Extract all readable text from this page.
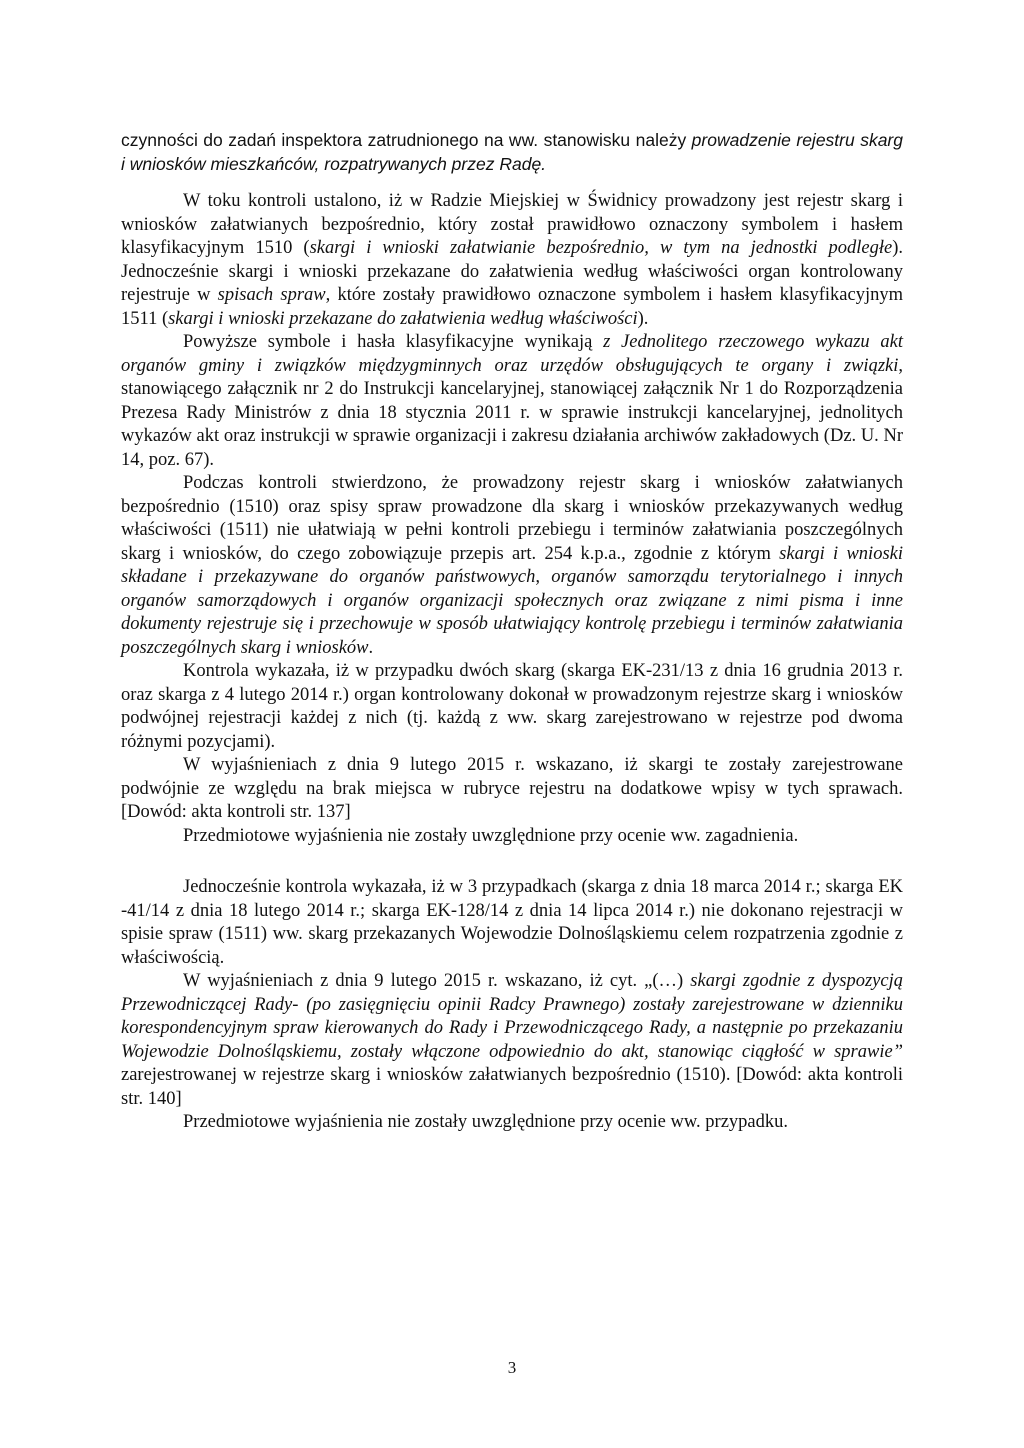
czynności do zadań inspektora zatrudnionego na ww. stanowisku należy prowadzenie rejestru skarg i wniosków mieszkańców, rozpatrywanych przez Radę.

W toku kontroli ustalono, iż w Radzie Miejskiej w Świdnicy prowadzony jest rejestr skarg i wniosków załatwianych bezpośrednio, który został prawidłowo oznaczony symbolem i hasłem klasyfikacyjnym 1510 (skargi i wnioski załatwianie bezpośrednio, w tym na jednostki podległe). Jednocześnie skargi i wnioski przekazane do załatwienia według właściwości organ kontrolowany rejestruje w spisach spraw, które zostały prawidłowo oznaczone symbolem i hasłem klasyfikacyjnym 1511 (skargi i wnioski przekazane do załatwienia według właściwości).

Powyższe symbole i hasła klasyfikacyjne wynikają z Jednolitego rzeczowego wykazu akt organów gminy i związków międzygminnych oraz urzędów obsługujących te organy i związki, stanowiącego załącznik nr 2 do Instrukcji kancelaryjnej, stanowiącej załącznik Nr 1 do Rozporządzenia Prezesa Rady Ministrów z dnia 18 stycznia 2011 r. w sprawie instrukcji kancelaryjnej, jednolitych wykazów akt oraz instrukcji w sprawie organizacji i zakresu działania archiwów zakładowych (Dz. U. Nr 14, poz. 67).

Podczas kontroli stwierdzono, że prowadzony rejestr skarg i wniosków załatwianych bezpośrednio (1510) oraz spisy spraw prowadzone dla skarg i wniosków przekazywanych według właściwości (1511) nie ułatwiają w pełni kontroli przebiegu i terminów załatwiania poszczególnych skarg i wniosków, do czego zobowiązuje przepis art. 254 k.p.a., zgodnie z którym skargi i wnioski składane i przekazywane do organów państwowych, organów samorządu terytorialnego i innych organów samorządowych i organów organizacji społecznych oraz związane z nimi pisma i inne dokumenty rejestruje się i przechowuje w sposób ułatwiający kontrolę przebiegu i terminów załatwiania poszczególnych skarg i wniosków.

Kontrola wykazała, iż w przypadku dwóch skarg (skarga EK-231/13 z dnia 16 grudnia 2013 r. oraz skarga z 4 lutego 2014 r.) organ kontrolowany dokonał w prowadzonym rejestrze skarg i wniosków podwójnej rejestracji każdej z nich (tj. każdą z ww. skarg zarejestrowano w rejestrze pod dwoma różnymi pozycjami).

W wyjaśnieniach z dnia 9 lutego 2015 r. wskazano, iż skargi te zostały zarejestrowane podwójnie ze względu na brak miejsca w rubryce rejestru na dodatkowe wpisy w tych sprawach. [Dowód: akta kontroli str. 137]

Przedmiotowe wyjaśnienia nie zostały uwzględnione przy ocenie ww. zagadnienia.

Jednocześnie kontrola wykazała, iż w 3 przypadkach (skarga z dnia 18 marca 2014 r.; skarga EK -41/14 z dnia 18 lutego 2014 r.; skarga EK-128/14 z dnia 14 lipca 2014 r.) nie dokonano rejestracji w spisie spraw (1511) ww. skarg przekazanych Wojewodzie Dolnośląskiemu celem rozpatrzenia zgodnie z właściwością.

W wyjaśnieniach z dnia 9 lutego 2015 r. wskazano, iż cyt. „(…) skargi zgodnie z dyspozycją Przewodniczącej Rady- (po zasięgnięciu opinii Radcy Prawnego) zostały zarejestrowane w dzienniku korespondencyjnym spraw kierowanych do Rady i Przewodniczącego Rady, a następnie po przekazaniu Wojewodzie Dolnośląskiemu, zostały włączone odpowiednio do akt, stanowiąc ciągłość w sprawie” zarejestrowanej w rejestrze skarg i wniosków załatwianych bezpośrednio (1510). [Dowód: akta kontroli str. 140]

Przedmiotowe wyjaśnienia nie zostały uwzględnione przy ocenie ww. przypadku.

3
